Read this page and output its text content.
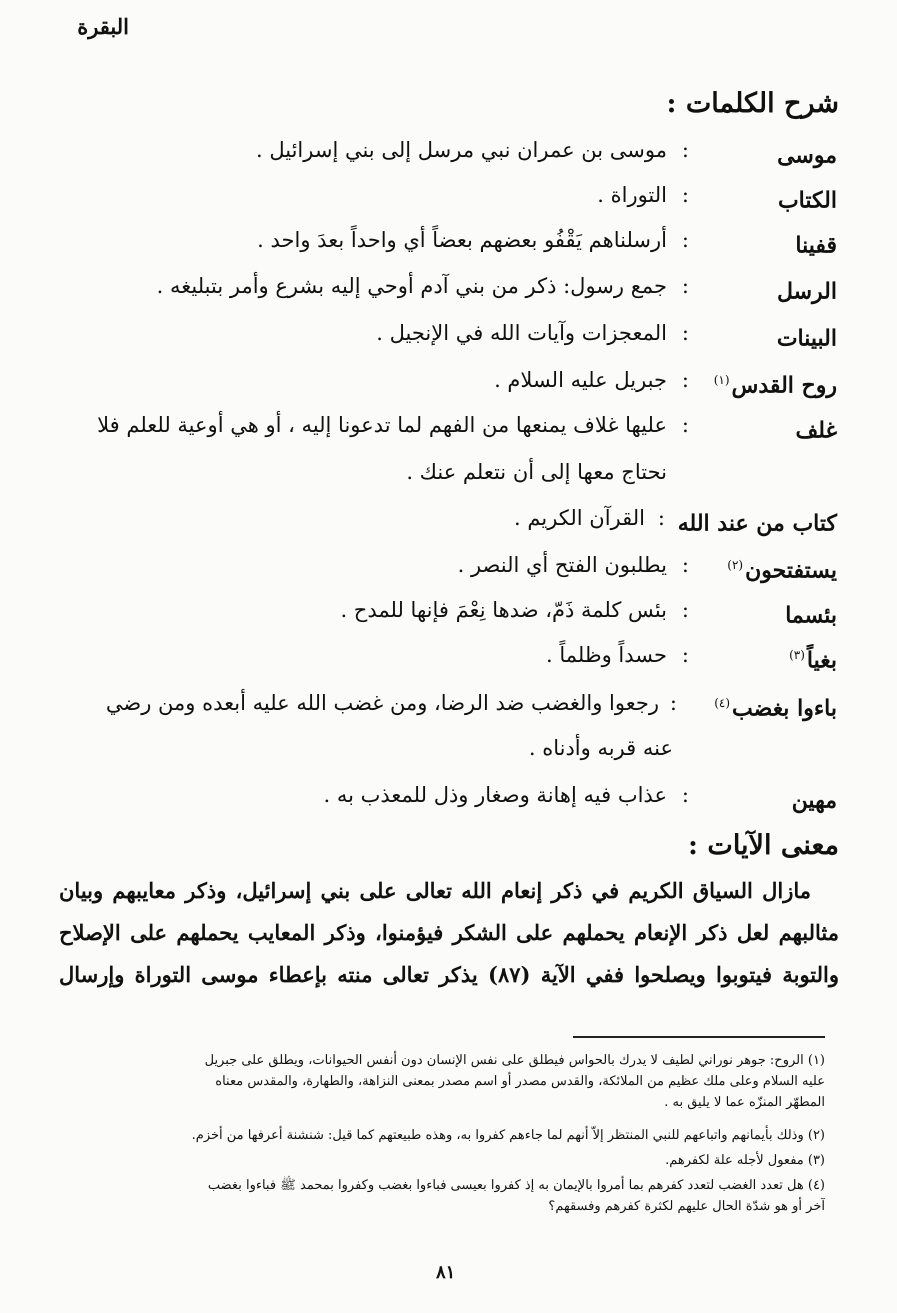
البقرة
شرح الكلمات :
موسى
:
موسى بن عمران نبي مرسل إلى بني إسرائيل .
الكتاب
:
التوراة .
قفينا
:
أرسلناهم يَقْفُو بعضهم بعضاً أي واحداً بعدَ واحد .
الرسل
:
جمع رسول: ذكر من بني آدم أوحي إليه بشرع وأمر بتبليغه .
البينات
:
المعجزات وآيات الله في الإنجيل .
روح القدس$^{(١)}$
:
جبريل عليه السلام .
غلف
:
عليها غلاف يمنعها من الفهم لما تدعونا إليه ، أو هي أوعية للعلم فلا
نحتاج معها إلى أن نتعلم عنك .
كتاب من عند الله
:
القرآن الكريم .
يستفتحون$^{(٢)}$
:
يطلبون الفتح أي النصر .
بئسما
:
بئس كلمة ذَمّ، ضدها نِعْمَ فإنها للمدح .
بغياً$^{(٣)}$
:
حسداً وظلماً .
باءوا بغضب$^{(٤)}$
:
رجعوا والغضب ضد الرضا، ومن غضب الله عليه أبعده ومن رضي
عنه قربه وأدناه .
مهين
:
عذاب فيه إهانة وصغار وذل للمعذب به .
معنى الآيات :
مازال السياق الكريم في ذكر إنعام الله تعالى على بني إسرائيل، وذكر معايبهم وبيان
مثالبهم لعل ذكر الإنعام يحملهم على الشكر فيؤمنوا، وذكر المعايب يحملهم على الإصلاح
والتوبة فيتوبوا ويصلحوا ففي الآية (٨٧) يذكر تعالى منته بإعطاء موسى التوراة وإرسال
(١) الروح: جوهر نوراني لطيف لا يدرك بالحواس فيطلق على نفس الإنسان دون أنفس الحيوانات، ويطلق على جبريل
عليه السلام وعلى ملك عظيم من الملائكة، والقدس مصدر أو اسم مصدر بمعنى النزاهة، والطهارة، والمقدس معناه
المطهّر المنزّه عما لا يليق به .
(٢) وذلك بأيمانهم واتباعهم للنبي المنتظر إلاّ أنهم لما جاءهم كفروا به، وهذه طبيعتهم كما قيل: شنشنة أعرفها من أخزم.
(٣) مفعول لأجله علة لكفرهم.
(٤) هل تعدد الغضب لتعدد كفرهم بما أمروا بالإيمان به إذ كفروا بعيسى فباءوا بغضب وكفروا بمحمد ﷺ فباءوا بغضب
آخر أو هو شدّة الحال عليهم لكثرة كفرهم وفسقهم؟
٨١
